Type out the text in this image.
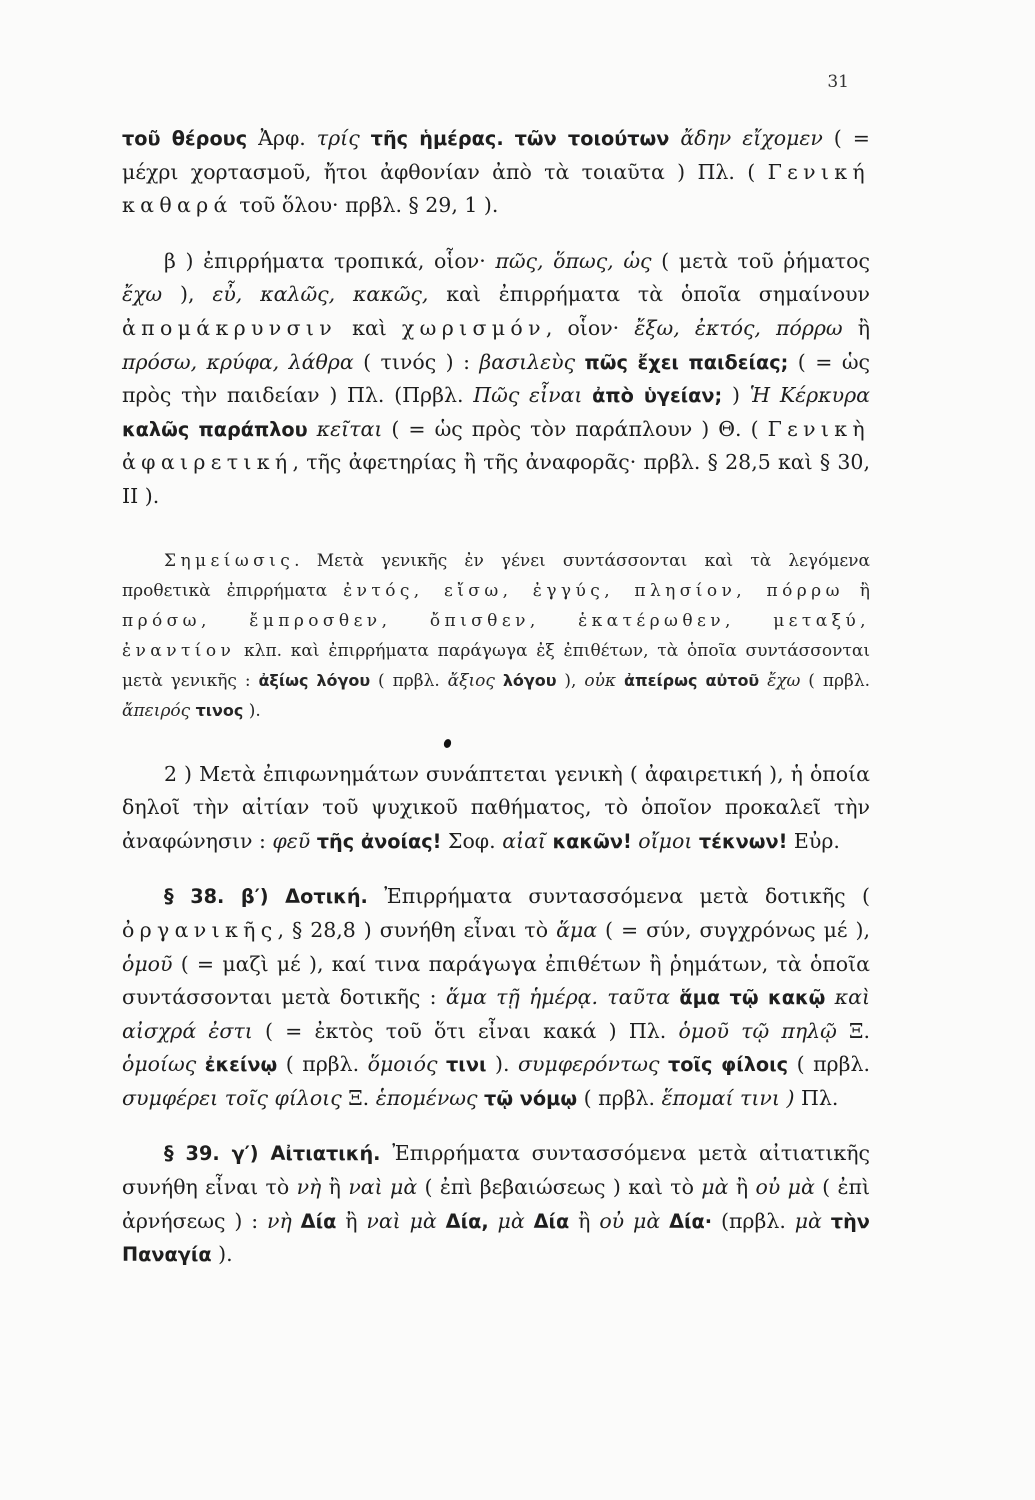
31

τοῦ θέρους Ἀρφ. τρίς τῆς ἡμέρας. τῶν τοιούτων ἄδην εἴχομεν ( = μέχρι χορτασμοῦ, ἤτοι ἀφθονίαν ἀπὸ τὰ τοιαῦτα ) Πλ. ( Γενική καθαρά τοῦ ὅλου· πρβλ. § 29, 1 ).

β ) ἐπιρρήματα τροπικά, οἷον· πῶς, ὅπως, ὡς ( μετὰ τοῦ ῥήματος ἔχω ), εὖ, καλῶς, κακῶς, καὶ ἐπιρρήματα τὰ ὁποῖα σημαίνουν ἀπομάκρυνσιν καὶ χωρισμόν, οἷον· ἔξω, ἐκτός, πόρρω ἢ πρόσω, κρύφα, λάθρα ( τινός ) : βασιλεὺς πῶς ἔχει παιδείας; ( = ὡς πρὸς τὴν παιδείαν ) Πλ. (Πρβλ. Πῶς εἶναι ἀπὸ ὑγείαν; ) Ἡ Κέρκυρα καλῶς παράπλου κεῖται ( = ὡς πρὸς τὸν παράπλουν ) Θ. ( Γενικὴ ἀφαιρετική, τῆς ἀφετηρίας ἢ τῆς ἀναφορᾶς· πρβλ. § 28,5 καὶ § 30, II ).

Σημείωσις. Μετὰ γενικῆς ἐν γένει συντάσσονται καὶ τὰ λεγόμενα προθετικὰ ἐπιρρήματα ἐντός, εἴσω, ἐγγύς, πλησίον, πόρρω ἢ πρόσω, ἔμπροσθεν, ὄπισθεν, ἑκατέρωθεν, μεταξύ, ἐναντίον κλπ. καὶ ἐπιρρήματα παράγωγα ἐξ ἐπιθέτων, τὰ ὁποῖα συντάσσονται μετὰ γενικῆς : ἀξίως λόγου ( πρβλ. ἄξιος λόγου ), οὐκ ἀπείρως αὐτοῦ ἔχω ( πρβλ. ἄπειρός τινος ).

2 ) Μετὰ ἐπιφωνημάτων συνάπτεται γενικὴ ( ἀφαιρετική ), ἡ ὁποία δηλοῖ τὴν αἰτίαν τοῦ ψυχικοῦ παθήματος, τὸ ὁποῖον προκαλεῖ τὴν ἀναφώνησιν : φεῦ τῆς ἀνοίας! Σοφ. αἰαῖ κακῶν! οἴμοι τέκνων! Εὐρ.

§ 38. β′) Δοτική. Ἐπιρρήματα συντασσόμενα μετὰ δοτικῆς ( ὀργανικῆς, § 28,8 ) συνήθη εἶναι τὸ ἅμα ( = σύν, συγχρόνως μέ ), ὁμοῦ ( = μαζὶ μέ ), καί τινα παράγωγα ἐπιθέτων ἢ ῥημάτων, τὰ ὁποῖα συντάσσονται μετὰ δοτικῆς : ἅμα τῇ ἡμέρᾳ. ταῦτα ἅμα τῷ κακῷ καὶ αἰσχρά ἐστι ( = ἐκτὸς τοῦ ὅτι εἶναι κακά ) Πλ. ὁμοῦ τῷ πηλῷ Ξ. ὁμοίως ἐκείνῳ ( πρβλ. ὅμοιός τινι ). συμφερόντως τοῖς φίλοις ( πρβλ. συμφέρει τοῖς φίλοις Ξ. ἑπομένως τῷ νόμῳ ( πρβλ. ἕπομαί τινι ) Πλ.

§ 39. γ′) Αἰτιατική. Ἐπιρρήματα συντασσόμενα μετὰ αἰτιατικῆς συνήθη εἶναι τὸ νὴ ἢ ναὶ μὰ ( ἐπὶ βεβαιώσεως ) καὶ τὸ μὰ ἢ οὐ μὰ ( ἐπὶ ἀρνήσεως ) : νὴ Δία ἢ ναὶ μὰ Δία, μὰ Δία ἢ οὐ μὰ Δία· (πρβλ. μὰ τὴν Παναγία ).
